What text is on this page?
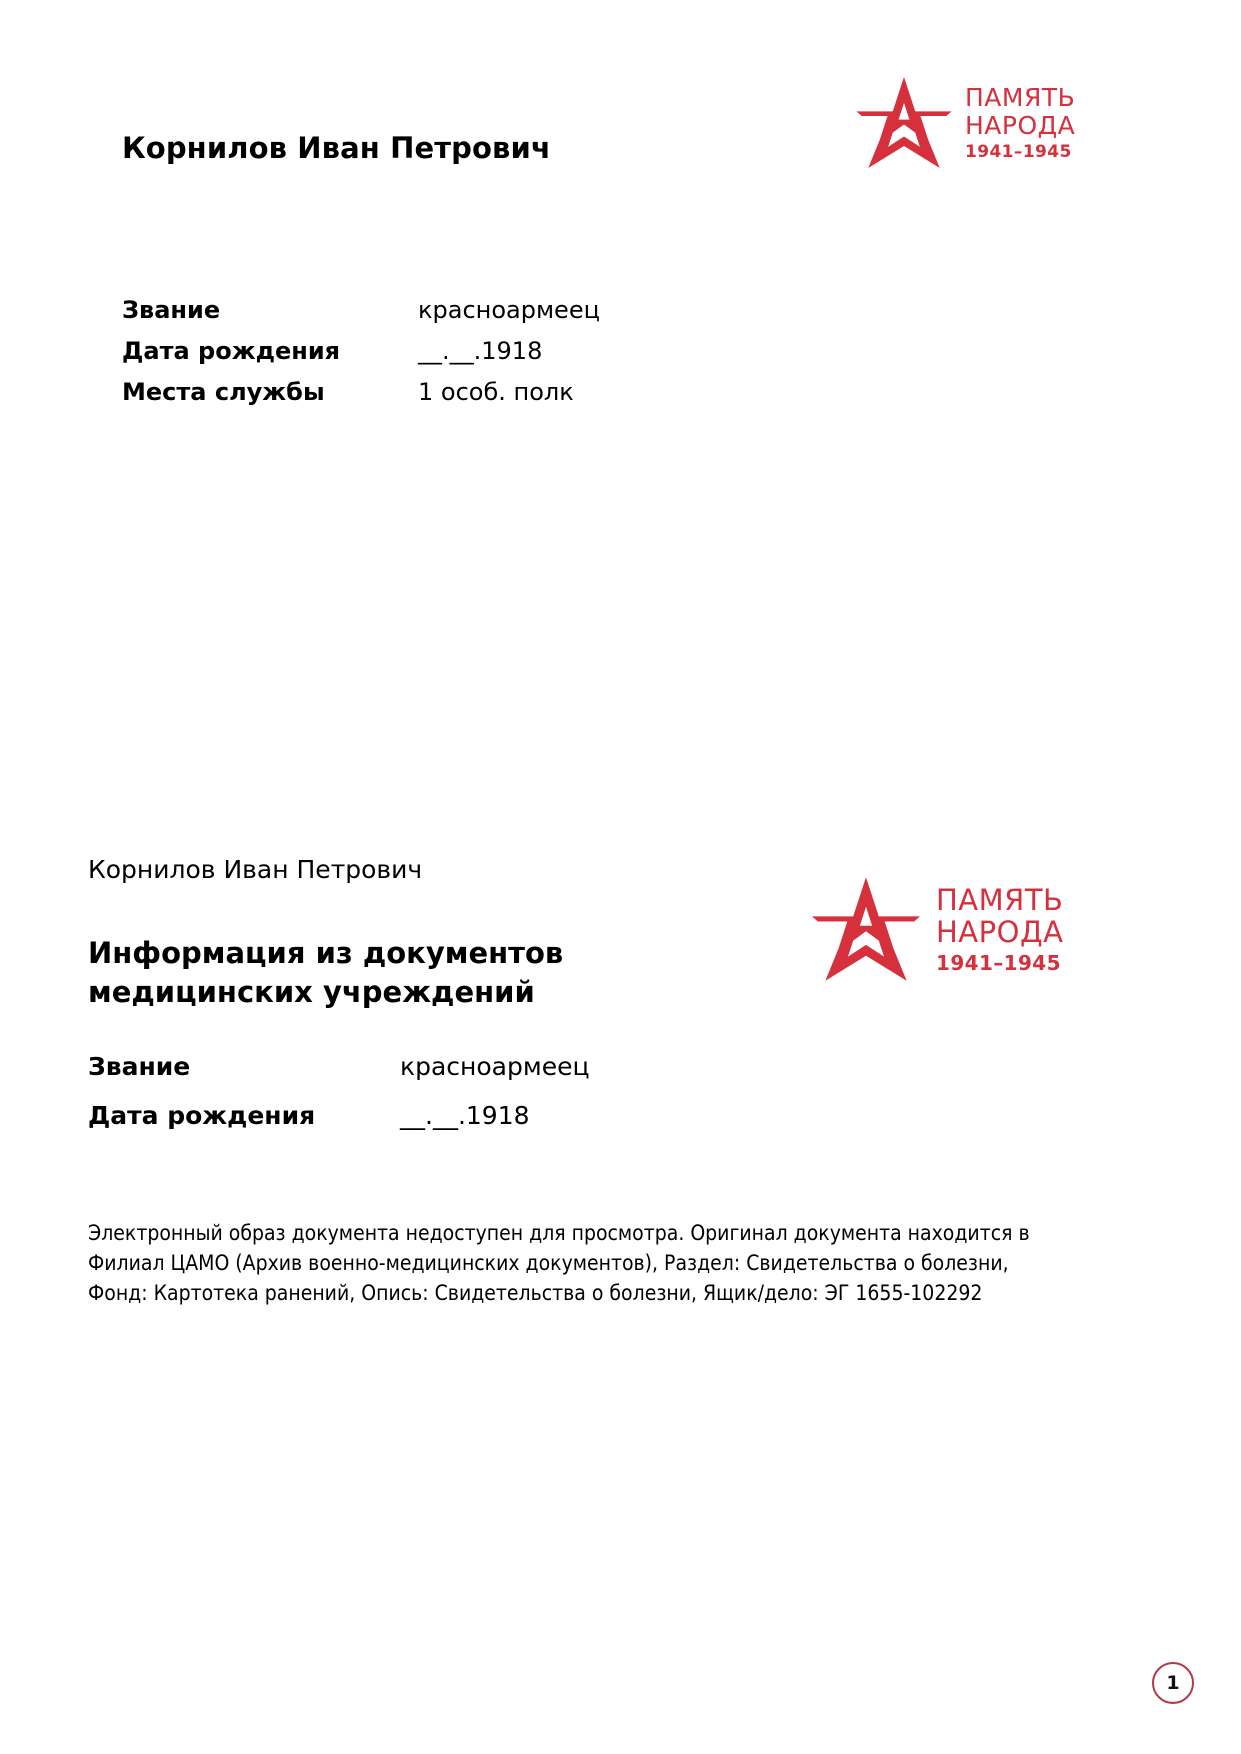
ПАМЯТЬ
НАРОДА
1941–1945
Корнилов Иван Петрович
Звание	красноармеец
Дата рождения	__.__.1918
Места службы	1 особ. полк
ПАМЯТЬ
НАРОДА
1941–1945
Корнилов Иван Петрович
Информация из документов
медицинских учреждений
Звание	красноармеец
Дата рождения	__.__.1918

Электронный образ документа недоступен для просмотра. Оригинал документа находится в Филиал ЦАМО (Архив военно-медицинских документов), Раздел: Свидетельства о болезни, Фонд: Картотека ранений, Опись: Свидетельства о болезни, Ящик/дело: ЭГ 1655-102292

1
